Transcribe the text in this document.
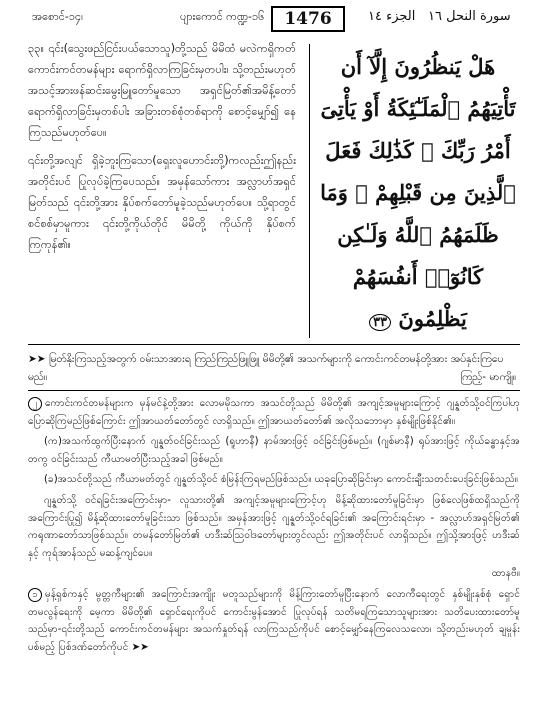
အစောင်-၁၄၊	ပျားကောင် ကဏ္ဍ-၁၆	1476	الجزء ١٤ سورة النحل ١٦

၃၃။ ၎င်း(သွေးဖည်ငြင်းပယ်သောသူ)တို့သည် မိမိထံ မလဲကရှိကတ် ကောင်းကင်တမန်များ ရောက်ရှိလာကြခြင်းမှတပါး၊ သို့တည်းမဟုတ် အသင့်အားဖန်ဆင်းမွေးမြူတော်မူသော အရှင်မြတ်၏အမိန့်တော် ရောက်ရှိလာခြင်းမှတစ်ပါး အခြားတစ်စုံတစ်ရာကို စောင့်မျှော်၍ နေကြသည်မဟုတ်ပေ။

၎င်းတို့အလျင် ရှိခဲ့ဘူးကြသော(ရှေးလူဟောင်းတို့)ကလည်းဤနည်းအတိုင်းပင် ပြုလုပ်ခဲ့ကြပေသည်။ အမှန်သော်ကား အလ္လာဟ်အရှင်မြတ်သည် ၎င်းတို့အား နှိပ်စက်တော်မူခဲ့သည်မဟုတ်ပေ။ သို့ရာတွင် စင်စစ်မှာမူကား ၎င်းတို့ကိုယ်တိုင် မိမိတို့ ကိုယ်ကို နှိပ်စက်ကြကုန်၏။

هَلْ يَنظُرُونَ إِلَّآ أَن تَأْتِيَهُمُ ٱلْمَلَـٰٓئِكَةُ أَوْ يَأْتِىَ أَمْرُ رَبِّكَ ۚ كَذَٰلِكَ فَعَلَ ٱلَّذِينَ مِن قَبْلِهِمْ ۚ وَمَا ظَلَمَهُمُ ٱللَّهُ وَلَـٰكِن كَانُوٓا۟ أَنفُسَهُمْ يَظْلِمُونَ ٣٣
➤➤ မြတ်နိုးကြသည့်အတွက် ဝမ်းသာအားရ ကြည်ကြည်ဖြူဖြူ မိမိတို့၏ အသက်များကို ကောင်းကင်တမန်တို့အား အပ်နှင်းကြပေမည်။	ကြည့်- မာကျို။

၂ ကောင်းကင်တမန်များက မှန်မင်နဲ့တို့အား လောမမိုသကာ အသင်တို့သည် မိမိတို့၏ အကျင့်အမူများကြောင့် ဂျန္နတ်သို့ဝင်ကြပါဟု ပြောဆိုကြမည်ဖြစ်ကြောင်း ဤအာယတ်တော်တွင် လာရှိသည်။ ဤအာယတ်တော်၏ အလိုသဘောမှာ နှစ်မျိုးဖြစ်နိုင်၏။

(က)အသက်ထွက်ပြီးနောက် ဂျန္နတ်ဝင်ခြင်းသည် (ရူဟာနီ) နာမ်အားဖြင့် ဝင်ခြင်းဖြစ်မည်။ (ဂျစ်မာနီ) ရုပ်အားဖြင့် ကိုယ်ခန္ဓာနှင့်အတကွ ဝင်ခြင်းသည် ကီယာမတ်ပြီးသည့်အခါ ဖြစ်မည်။

(ခ)အသင်တို့သည် ကီယာမတ်တွင် ဂျန္နတ်သို့ဝင် စံမြန်းကြရမည်ဖြစ်သည်။ ယခုပြောဆိုခြင်းမှာ ကောင်းချီးသတင်းပေးခြင်းဖြစ်သည်။

ဂျန္နတ်သို့ ဝင်ရခြင်းအကြောင်းမှာ- လူသားတို့၏ အကျင့်အမူများကြောင့်ဟု မိန့်ဆိုထားတော်မူခြင်းမှာ ဖြစ်လေဖြစ်ထရှိသည်ကို အကြောင်းပြု၍ မိန့်ဆိုထားတော်မူခြင်းသာ ဖြစ်သည်။ အမှန်အားဖြင့် ဂျန္နတ်သို့ဝင်ရခြင်း၏ အကြောင်းရင်းမှာ - အလ္လာဟ်အရှင်မြတ်၏ ကရုဏာတော်သာဖြစ်သည်။ တမန်တော်မြတ်၏ ဟဒီးဆ်ဩဝါဒတော်များတွင်လည်း ဤအတိုင်းပင် လာရှိသည်။ ဤသို့အားဖြင့် ဟဒီးဆ်နှင့် ကုရ်အာန်သည် မဆန့်ကျင်ပေ။

ထာနဗီ။

၁ မှန့်ရှစ်ကနှင့် မွတ္တကီများ၏ အကြောင်းအကျိုး မတူသည်များကို မိန့်ကြားတော်မူပြီးနောက် လောကီရေးတွင် နှစ်မျိုးနှစ်စုံ ရှောင်တမလွန်ရေးကို မေ့ကာ မိမိတို့၏ ရှောင်ရေးကိုပင် ကောင်းမွန်အောင် ပြုလုပ်ရန် သတိမရကြသောသူများအား သတိပေးထားတော်မူသည်မှာ-၎င်းတို့သည် ကောင်းကင်တမန်များ အသက်နှုတ်ရန် လာကြသည်ကိုပင် စောင့်မျှော်နေကြလေသလော၊ သို့တည်းမဟုတ် ချမှုန်းပစ်မည့် ပြစ်ဒဏ်တော်ကိုပင် ➤➤
